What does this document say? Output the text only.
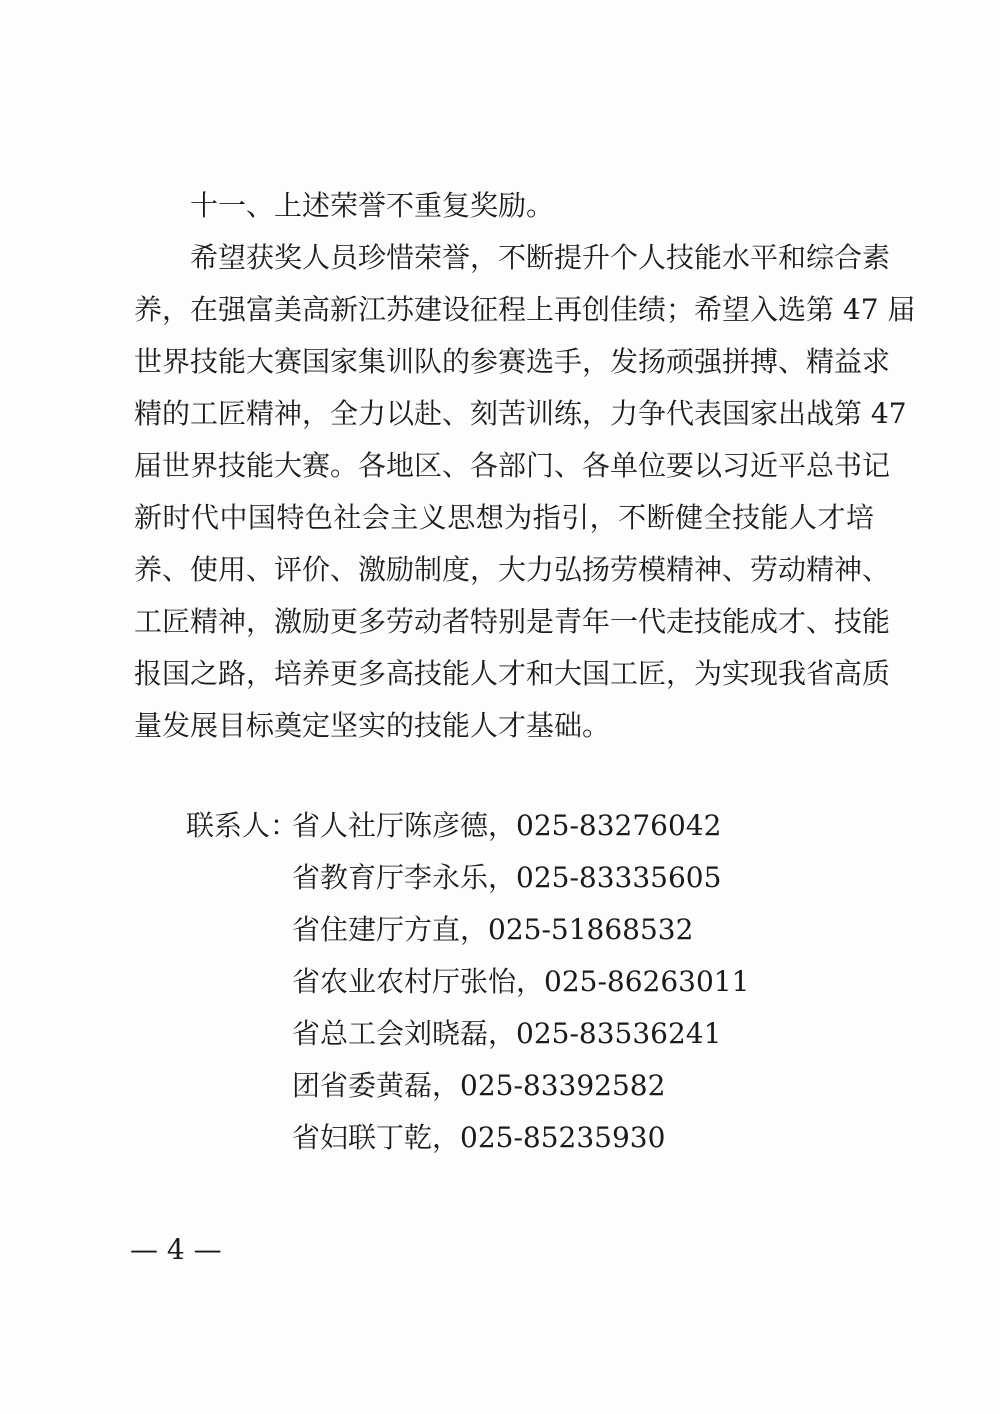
十一、上述荣誉不重复奖励。
希望获奖人员珍惜荣誉，不断提升个人技能水平和综合素
养，在强富美高新江苏建设征程上再创佳绩；希望入选第 47 届
世界技能大赛国家集训队的参赛选手，发扬顽强拼搏、精益求
精的工匠精神，全力以赴、刻苦训练，力争代表国家出战第 47
届世界技能大赛。各地区、各部门、各单位要以习近平总书记
新时代中国特色社会主义思想为指引，不断健全技能人才培
养、使用、评价、激励制度，大力弘扬劳模精神、劳动精神、
工匠精神，激励更多劳动者特别是青年一代走技能成才、技能
报国之路，培养更多高技能人才和大国工匠，为实现我省高质
量发展目标奠定坚实的技能人才基础。
联系人：
省人社厅陈彦德，025-83276042
省教育厅李永乐，025-83335605
省住建厅方直，025-51868532
省农业农村厅张怡，025-86263011
省总工会刘晓磊，025-83536241
团省委黄磊，025-83392582
省妇联丁乾，025-85235930
— 4 —
